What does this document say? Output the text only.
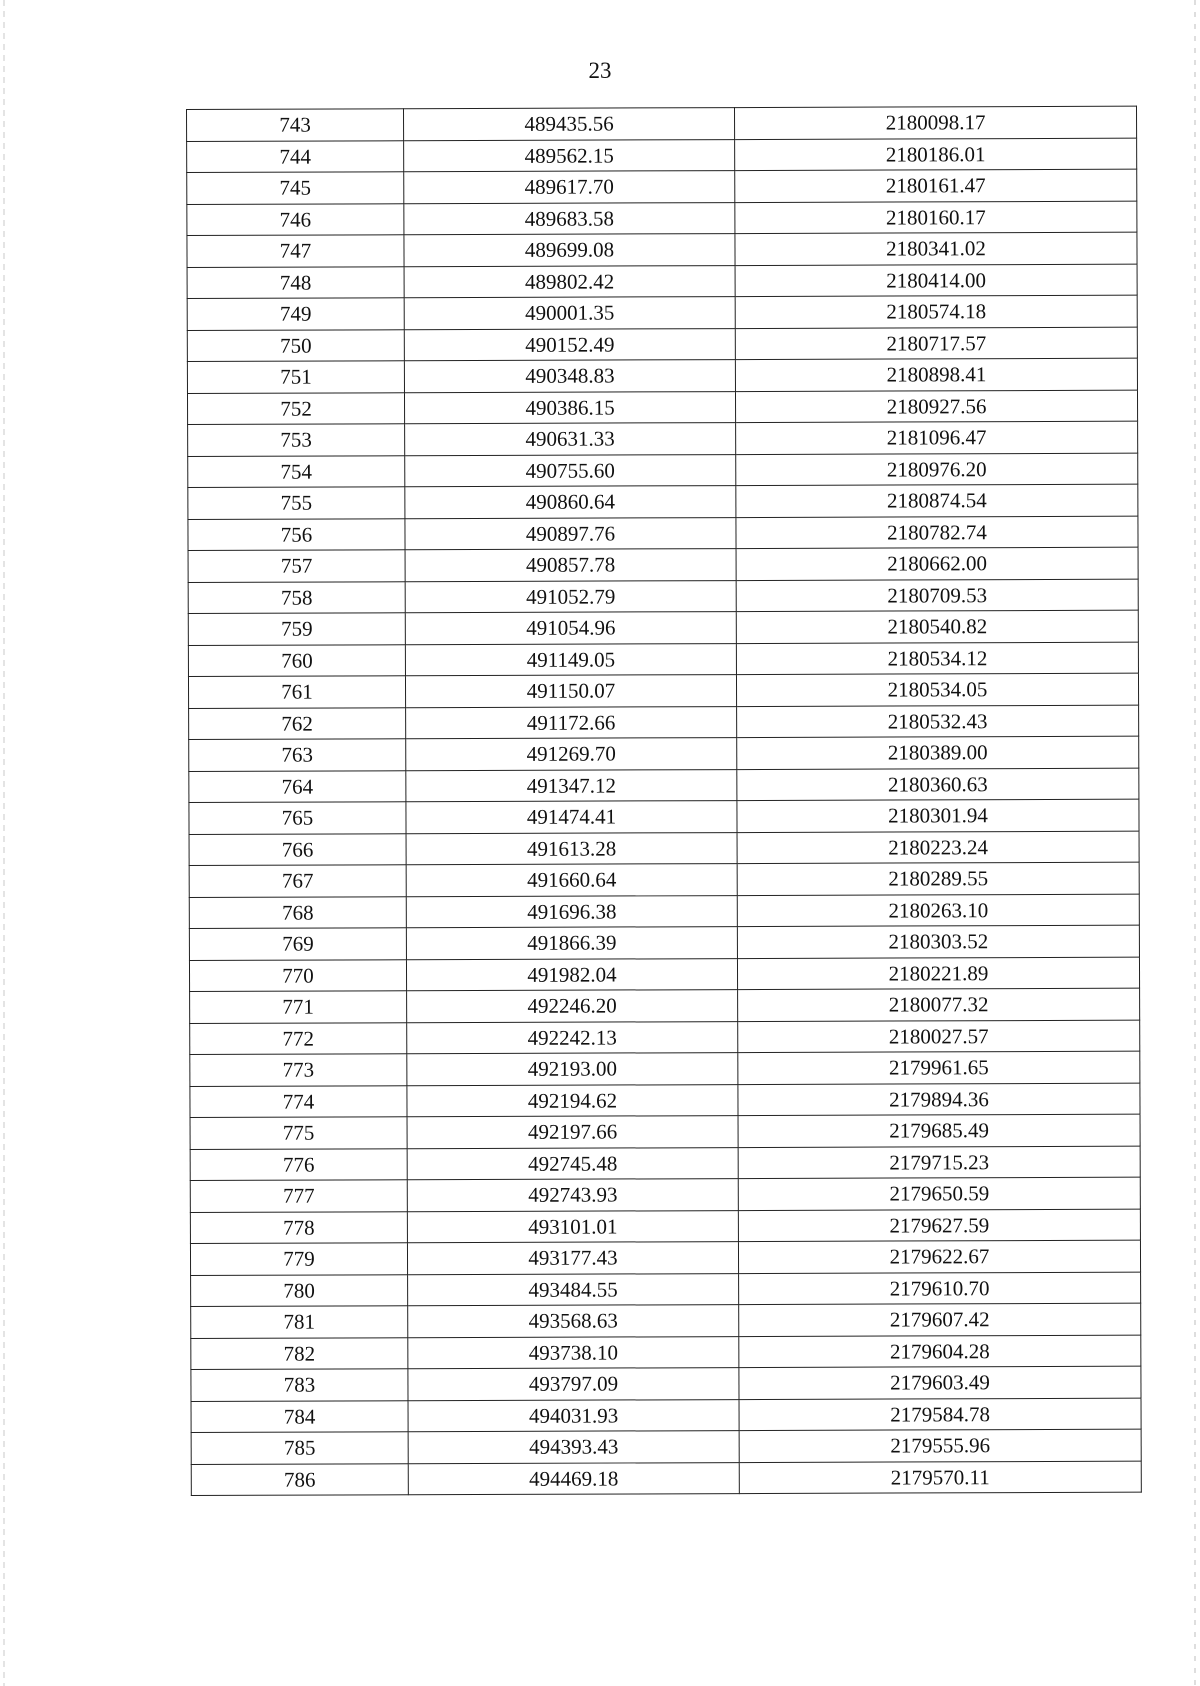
23
743	489435.56	2180098.17
744	489562.15	2180186.01
745	489617.70	2180161.47
746	489683.58	2180160.17
747	489699.08	2180341.02
748	489802.42	2180414.00
749	490001.35	2180574.18
750	490152.49	2180717.57
751	490348.83	2180898.41
752	490386.15	2180927.56
753	490631.33	2181096.47
754	490755.60	2180976.20
755	490860.64	2180874.54
756	490897.76	2180782.74
757	490857.78	2180662.00
758	491052.79	2180709.53
759	491054.96	2180540.82
760	491149.05	2180534.12
761	491150.07	2180534.05
762	491172.66	2180532.43
763	491269.70	2180389.00
764	491347.12	2180360.63
765	491474.41	2180301.94
766	491613.28	2180223.24
767	491660.64	2180289.55
768	491696.38	2180263.10
769	491866.39	2180303.52
770	491982.04	2180221.89
771	492246.20	2180077.32
772	492242.13	2180027.57
773	492193.00	2179961.65
774	492194.62	2179894.36
775	492197.66	2179685.49
776	492745.48	2179715.23
777	492743.93	2179650.59
778	493101.01	2179627.59
779	493177.43	2179622.67
780	493484.55	2179610.70
781	493568.63	2179607.42
782	493738.10	2179604.28
783	493797.09	2179603.49
784	494031.93	2179584.78
785	494393.43	2179555.96
786	494469.18	2179570.11
